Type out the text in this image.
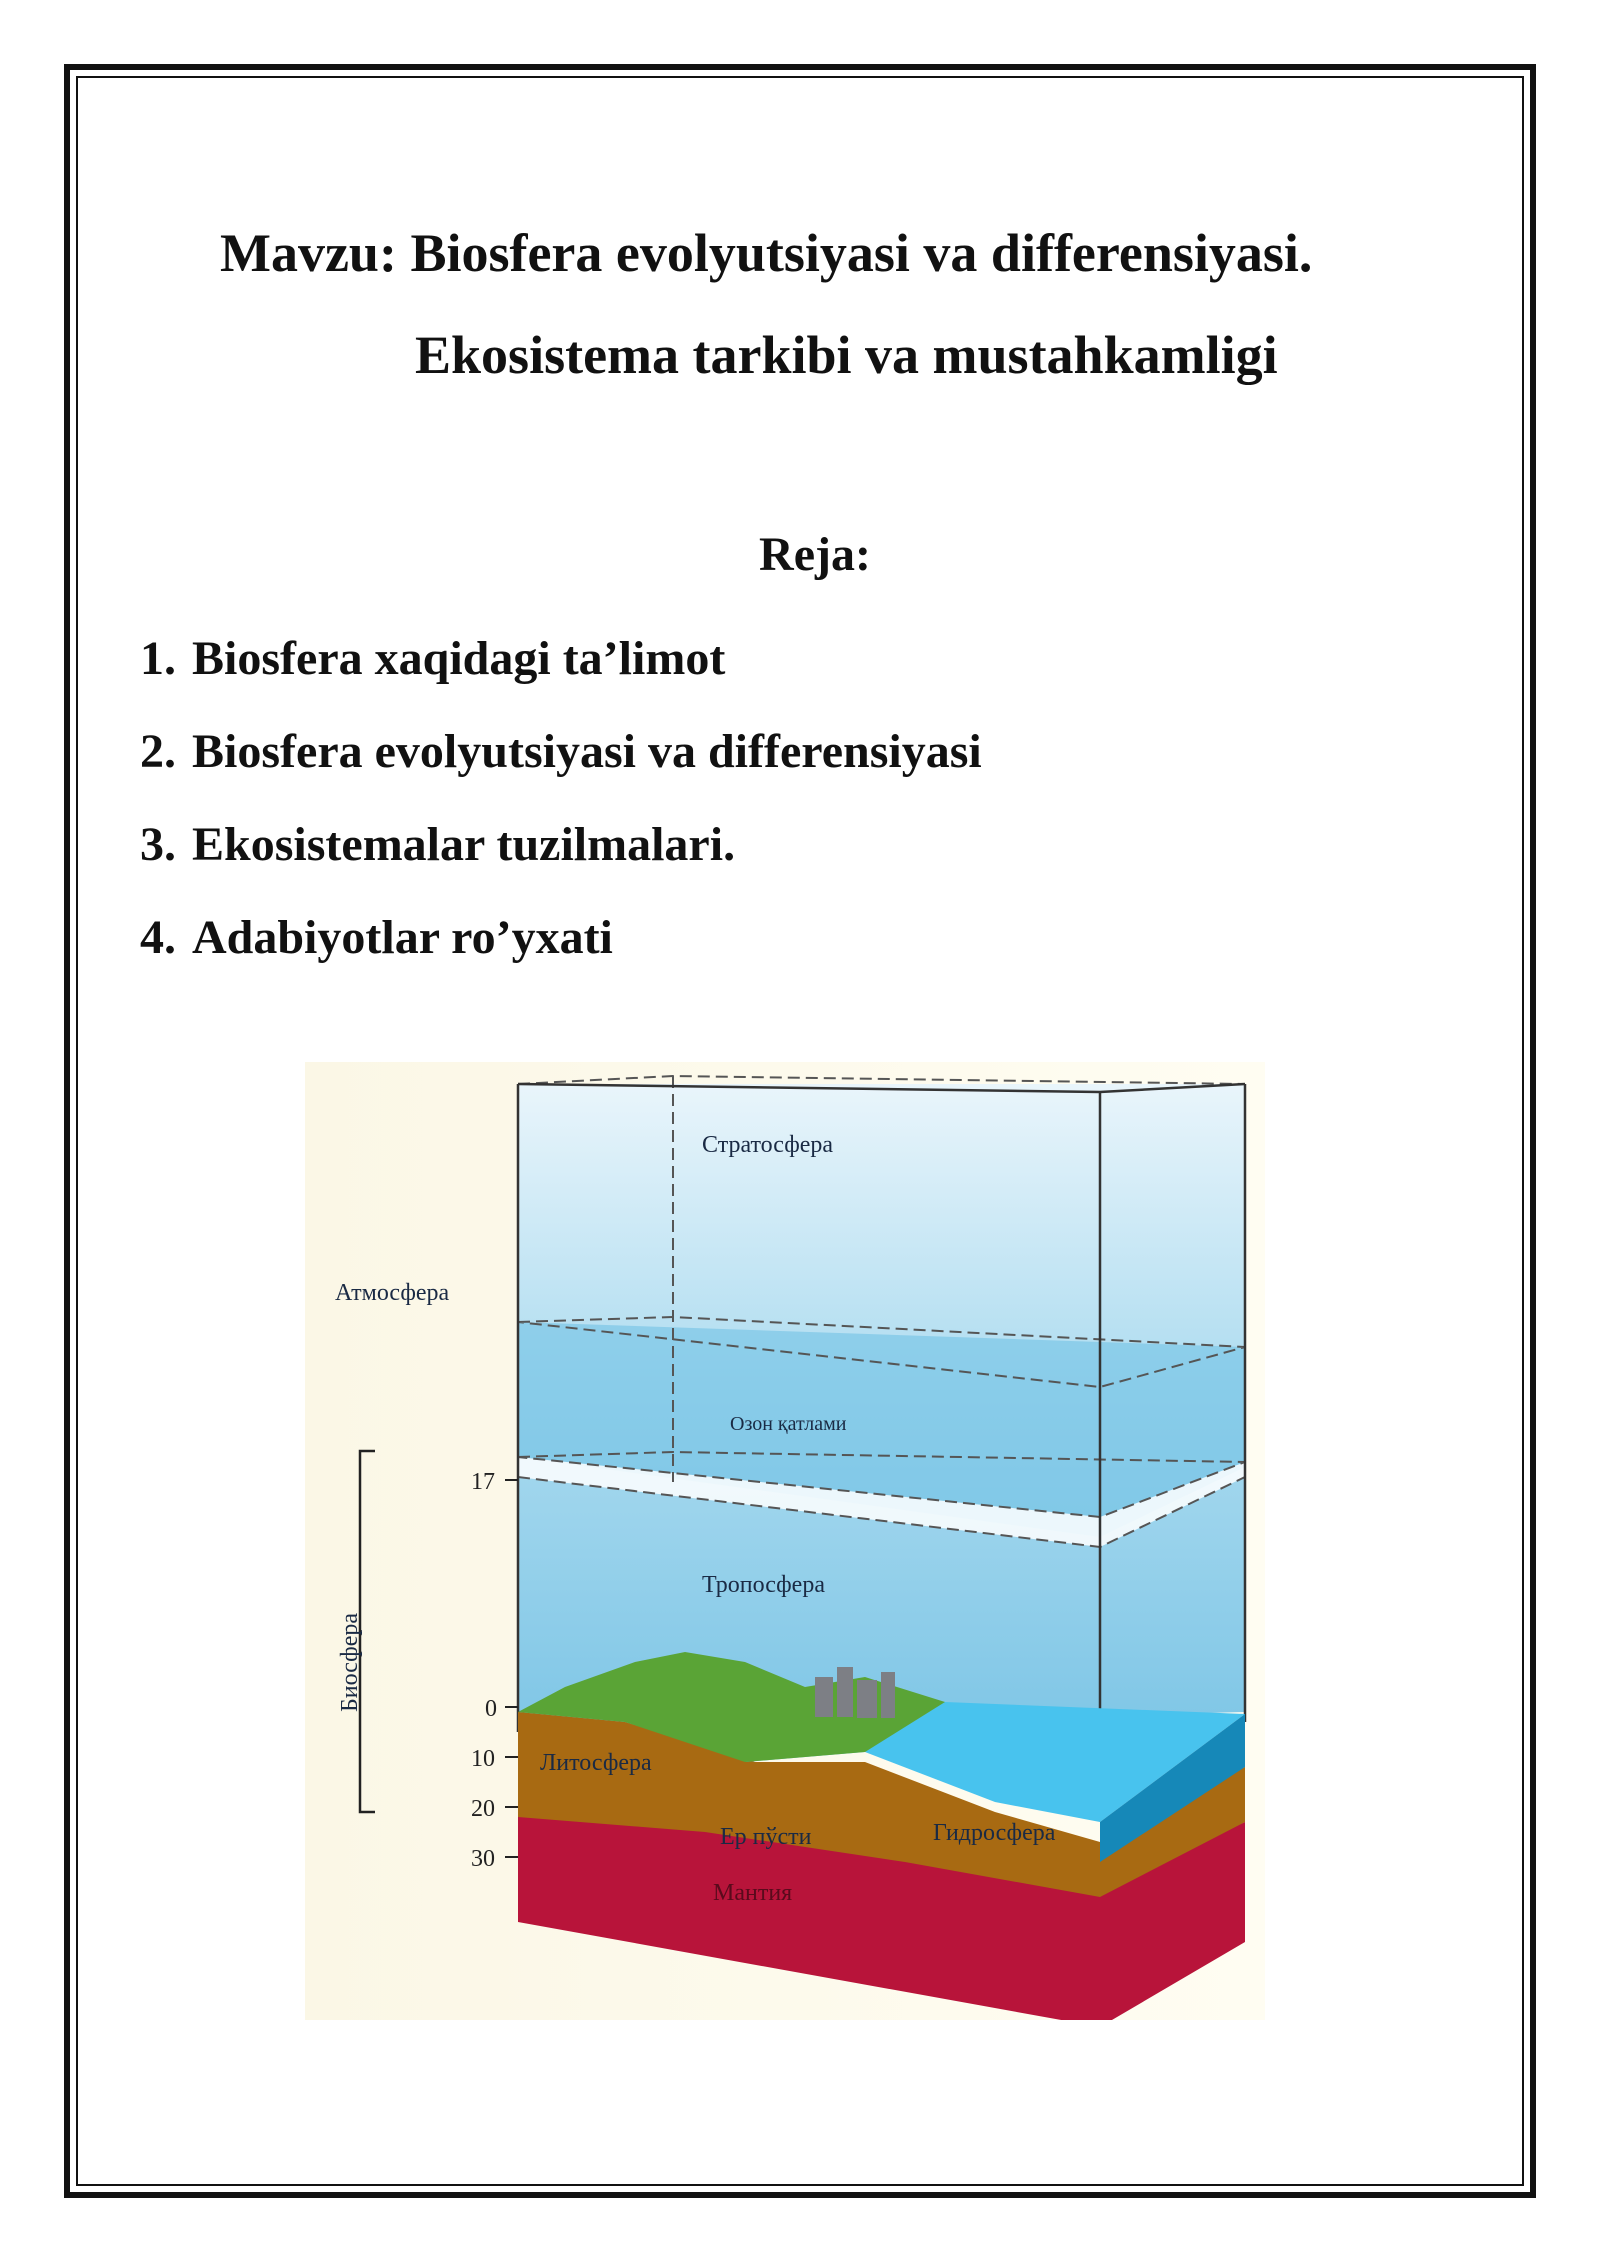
Mavzu: Biosfera evolyutsiyasi va differensiyasi.
Ekosistema tarkibi va mustahkamligi
Reja:
1. Biosfera xaqidagi ta’limot
2. Biosfera evolyutsiyasi va differensiyasi
3. Ekosistemalar tuzilmalari.
4. Adabiyotlar ro’yxati
17
0
10
20
30
Стратосфера
Атмосфера
Озон қатлами
Тропосфера
Биосфера
Литосфера
Ер пўсти	Гидросфера
Мантия
